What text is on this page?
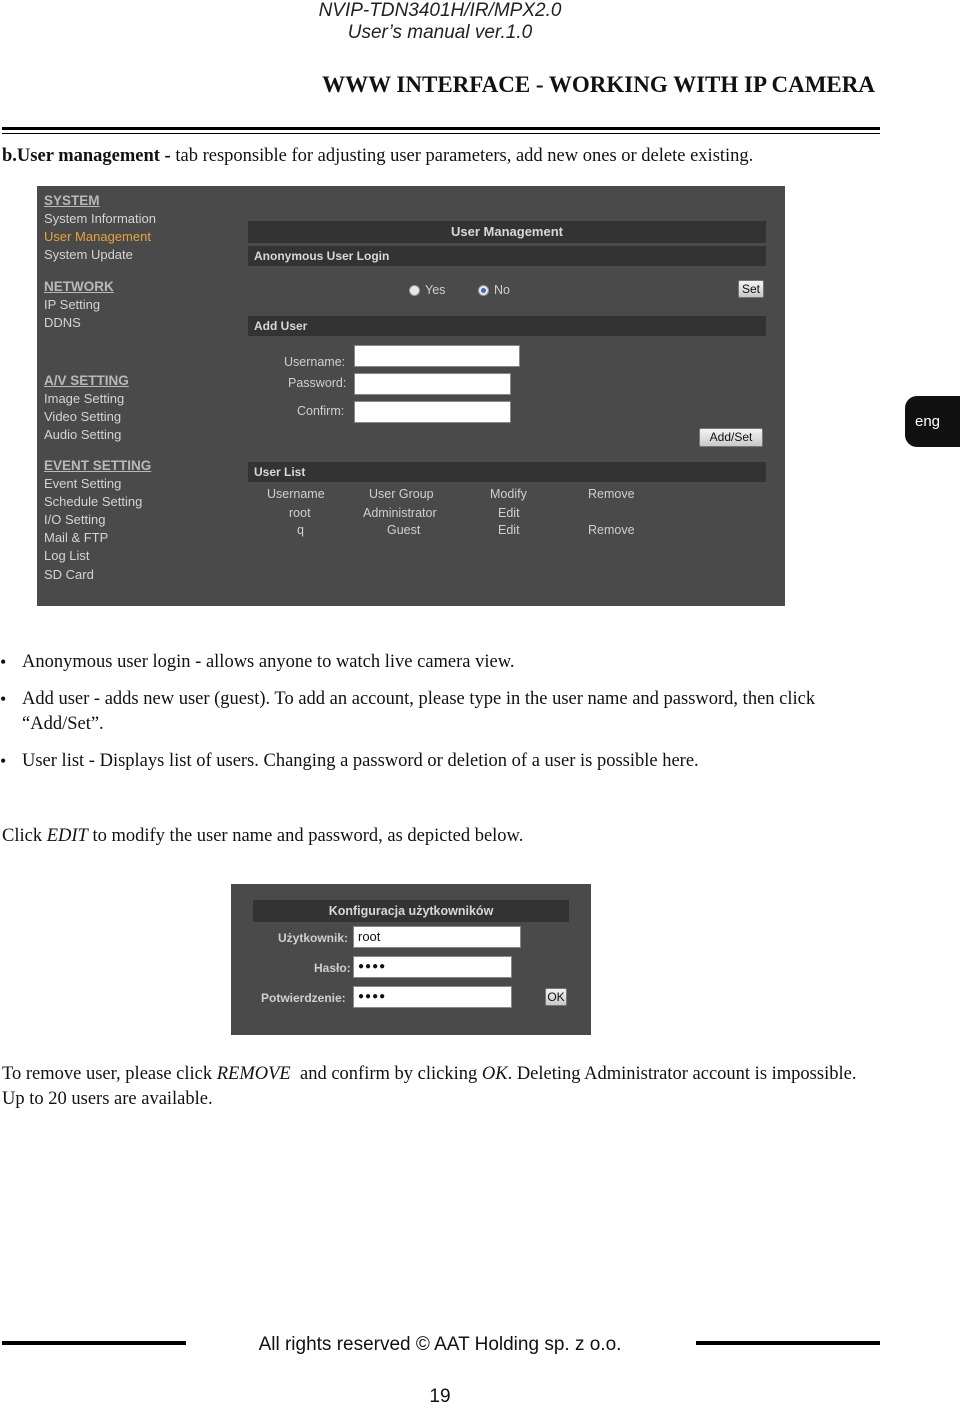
NVIP-TDN3401H/IR/MPX2.0
User’s manual ver.1.0
WWW INTERFACE - WORKING WITH IP CAMERA
b.User management - tab responsible for adjusting user parameters, add new ones or delete existing.
eng
SYSTEM
System Information
User Management
System Update
NETWORK
IP Setting
DDNS
A/V SETTING
Image Setting
Video Setting
Audio Setting
EVENT SETTING
Event Setting
Schedule Setting
I/O Setting
Mail & FTP
Log List
SD Card
User Management
Anonymous User Login
Yes	No	Set
Add User
Username:
Password:
Confirm:
Add/Set
User List
Username	User Group	Modify	Remove
root	Administrator	Edit
q	Guest	Edit	Remove
• Anonymous user login - allows anyone to watch live camera view.
• Add user - adds new user (guest). To add an account, please type in the user name and password, then click “Add/Set”.
• User list - Displays list of users. Changing a password or deletion of a user is possible here.
Click EDIT to modify the user name and password, as depicted below.
Konfiguracja użytkowników
Użytkownik: root
Hasło: ●●●●
Potwierdzenie:	●●●●	OK
To remove user, please click REMOVE  and confirm by clicking OK. Deleting Administrator account is impossible. Up to 20 users are available.
All rights reserved © AAT Holding sp. z o.o.
19
